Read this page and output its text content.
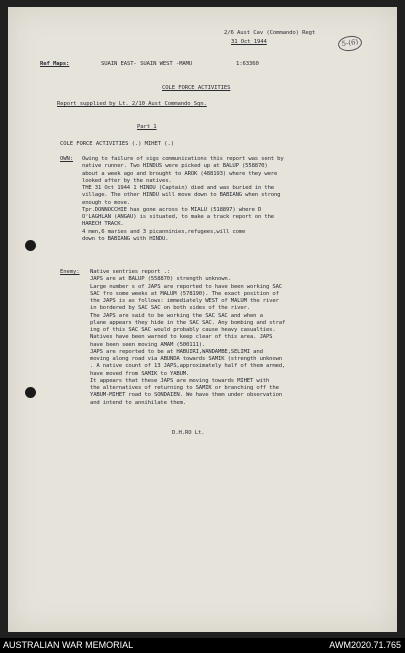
2/6 Aust Cav (Commando) Regt

31 Oct 1944	5-(6)

Ref Maps:	SUAIN EAST- SUAIN WEST -MAMU	1:63360

COLE FORCE ACTIVITIES

Report supplied by Lt. 2/10 Aust Commando Sqn.

Part 1

COLE FORCE ACTIVITIES (.) MIHET (.)

OWN: Owing to failure of sigs communications this report was sent by
native runner. Two HINDUS were picked up at BALUP (558870)
about a week ago and brought to AROK (488193) where they were
looked after by the natives.
THE 31 Oct 1944 1 HINDU (Captain) died and was buried in the
village. The other HINDU will move down to BABIANG when strong
enough to move.
Tpr.DONNOCCHIE has gone across to MIALU (518897) where D
O'LAGHLAN (ANGAU) is situated, to make a track report on the
HARECH TRACK.
4 men,6 maries and 3 picanninies,refugees,will come
down to BABIANG with HINDU.

Enemy: Native sentries report .:
JAPS are at BALUP (558870) strength unknown.
Large number s of JAPS are reported to have been working SAC
SAC fro some weeks at MALUM (578190). The exact position of
the JAPS is as follows: immediately WEST of MALUM the river
in bordered by SAC SAC on both sides of the river.
The JAPS are said to be working the SAC SAC and when a
plane appears they hide in the SAC SAC. Any bombing and straf
ing of this SAC SAC would probably cause heavy casualties.
Natives have been warned to keep clear of this area. JAPS
have been seen moving AMAM (500111).
JAPS are reported to be at HABUIRI,WANDAMBE,SELIMI and
moving along road via ABUNDA towards SAMIK (strength unknown
. A native count of 13 JAPS,approximately half of them armed,
have moved from SAMIK to YABUM.
It appears that these JAPS are moving towards MIHET with
the alternatives of returning to SAMIK or branching off the
YABUM-MIHET road to SONDAIEN. We have them under observation
and intend to annihilate them.

D.H.RO Lt.

AUSTRALIAN WAR MEMORIAL	AWM2020.71.765
